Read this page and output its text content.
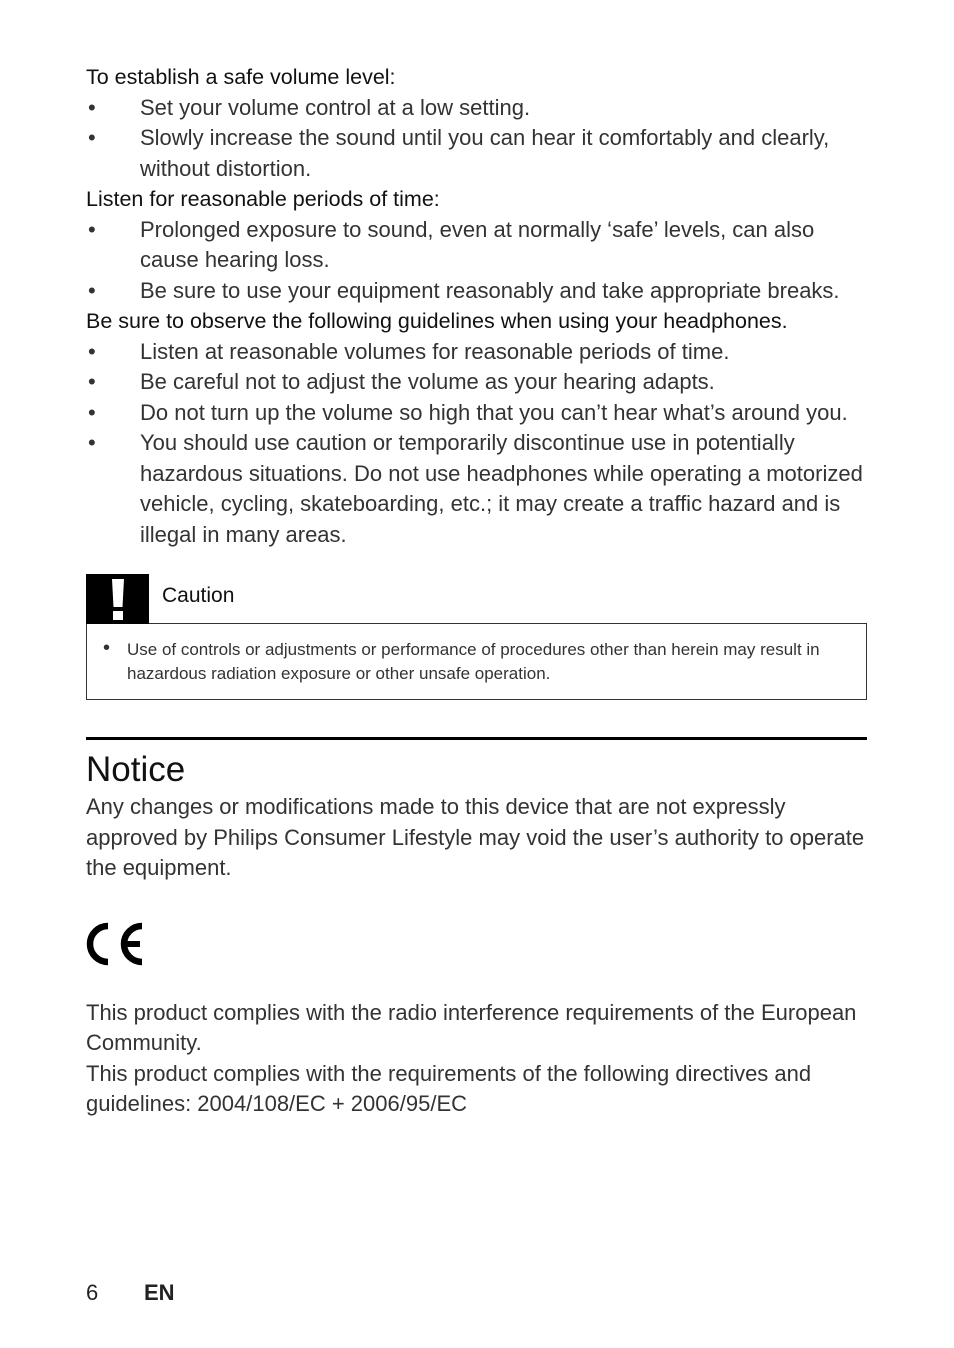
To establish a safe volume level:

• Set your volume control at a low setting.
• Slowly increase the sound until you can hear it comfortably and clearly, without distortion.

Listen for reasonable periods of time:

• Prolonged exposure to sound, even at normally ‘safe’ levels, can also cause hearing loss.
• Be sure to use your equipment reasonably and take appropriate breaks.

Be sure to observe the following guidelines when using your headphones.

• Listen at reasonable volumes for reasonable periods of time.
• Be careful not to adjust the volume as your hearing adapts.
• Do not turn up the volume so high that you can’t hear what’s around you.
• You should use caution or temporarily discontinue use in potentially hazardous situations. Do not use headphones while operating a motorized vehicle, cycling, skateboarding, etc.; it may create a traffic hazard and is illegal in many areas.
Caution
• Use of controls or adjustments or performance of procedures other than herein may result in hazardous radiation exposure or other unsafe operation.
Notice

Any changes or modifications made to this device that are not expressly approved by Philips Consumer Lifestyle may void the user’s authority to operate the equipment.

This product complies with the radio interference requirements of the European Community.

This product complies with the requirements of the following directives and guidelines: 2004/108/EC + 2006/95/EC

6 EN
